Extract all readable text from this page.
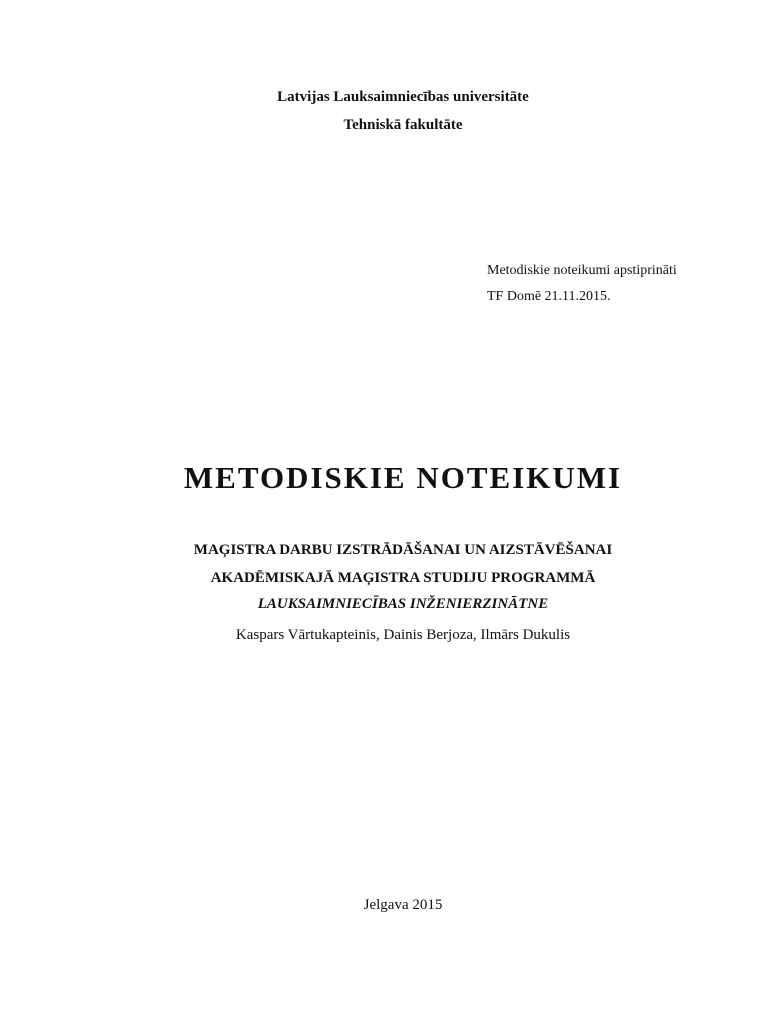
Latvijas Lauksaimniecības universitāte
Tehniskā fakultāte
Metodiskie noteikumi apstiprināti
TF Domē 21.11.2015.
METODISKIE NOTEIKUMI
MAĢISTRA DARBU IZSTRĀDĀŠANAI UN AIZSTĀVĒŠANAI
AKADĒMISKAJĀ MAĢISTRA STUDIJU PROGRAMMĀ
LAUKSAIMNIECĪBAS INŽENIERZINĀTNE
Kaspars Vārtukapteinis, Dainis Berjoza, Ilmārs Dukulis
Jelgava 2015
